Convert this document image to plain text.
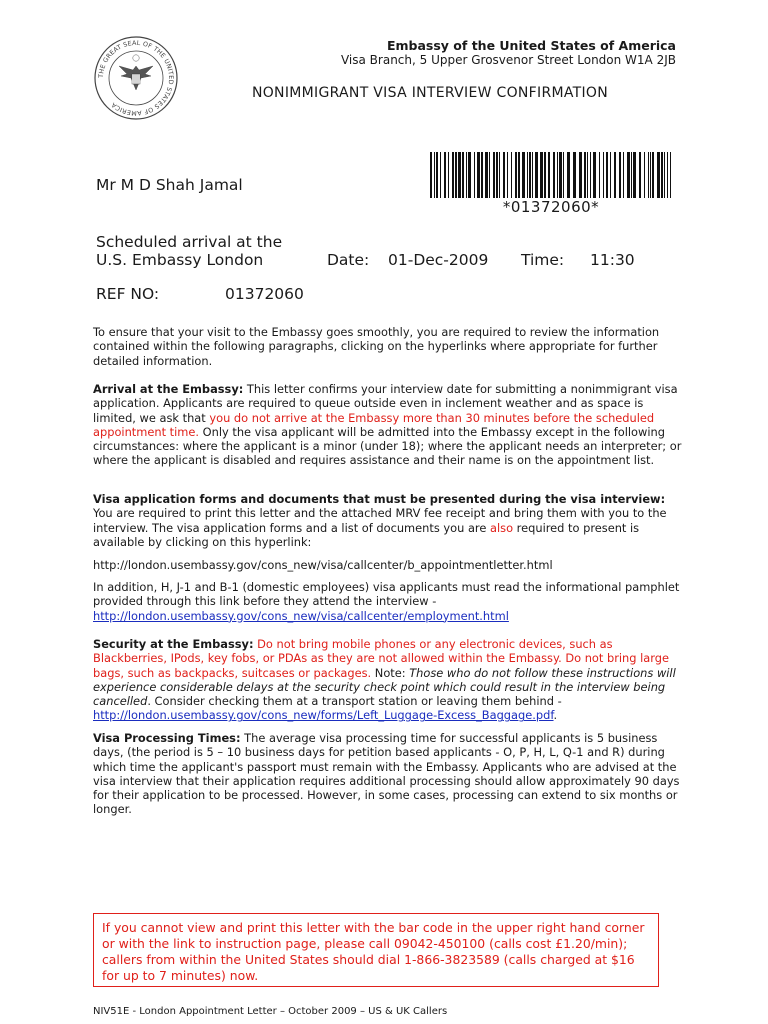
THE GREAT SEAL OF THE UNITED STATES OF AMERICA
Embassy of the United States of America
Visa Branch, 5 Upper Grosvenor Street London W1A 2JB
NONIMMIGRANT VISA INTERVIEW CONFIRMATION
Mr M D Shah Jamal
*01372060*
Scheduled arrival at the
U.S. Embassy London	Date: 01-Dec-2009 Time: 11:30
REF NO:	01372060
To ensure that your visit to the Embassy goes smoothly, you are required to review the information contained within the following paragraphs, clicking on the hyperlinks where appropriate for further detailed information.
Arrival at the Embassy: This letter confirms your interview date for submitting a nonimmigrant visa application. Applicants are required to queue outside even in inclement weather and as space is limited, we ask that you do not arrive at the Embassy more than 30 minutes before the scheduled appointment time. Only the visa applicant will be admitted into the Embassy except in the following circumstances: where the applicant is a minor (under 18); where the applicant needs an interpreter; or where the applicant is disabled and requires assistance and their name is on the appointment list.
Visa application forms and documents that must be presented during the visa interview: You are required to print this letter and the attached MRV fee receipt and bring them with you to the interview. The visa application forms and a list of documents you are also required to present is available by clicking on this hyperlink:
http://london.usembassy.gov/cons_new/visa/callcenter/b_appointmentletter.html
In addition, H, J-1 and B-1 (domestic employees) visa applicants must read the informational pamphlet provided through this link before they attend the interview - http://london.usembassy.gov/cons_new/visa/callcenter/employment.html
Security at the Embassy: Do not bring mobile phones or any electronic devices, such as Blackberries, IPods, key fobs, or PDAs as they are not allowed within the Embassy. Do not bring large bags, such as backpacks, suitcases or packages. Note: Those who do not follow these instructions will experience considerable delays at the security check point which could result in the interview being cancelled. Consider checking them at a transport station or leaving them behind - http://london.usembassy.gov/cons_new/forms/Left_Luggage-Excess_Baggage.pdf.
Visa Processing Times: The average visa processing time for successful applicants is 5 business days, (the period is 5 – 10 business days for petition based applicants - O, P, H, L, Q-1 and R) during which time the applicant's passport must remain with the Embassy. Applicants who are advised at the visa interview that their application requires additional processing should allow approximately 90 days for their application to be processed. However, in some cases, processing can extend to six months or longer.
If you cannot view and print this letter with the bar code in the upper right hand corner or with the link to instruction page, please call 09042-450100 (calls cost £1.20/min); callers from within the United States should dial 1-866-3823589 (calls charged at $16 for up to 7 minutes) now.
NIV51E - London Appointment Letter – October 2009 – US & UK Callers
